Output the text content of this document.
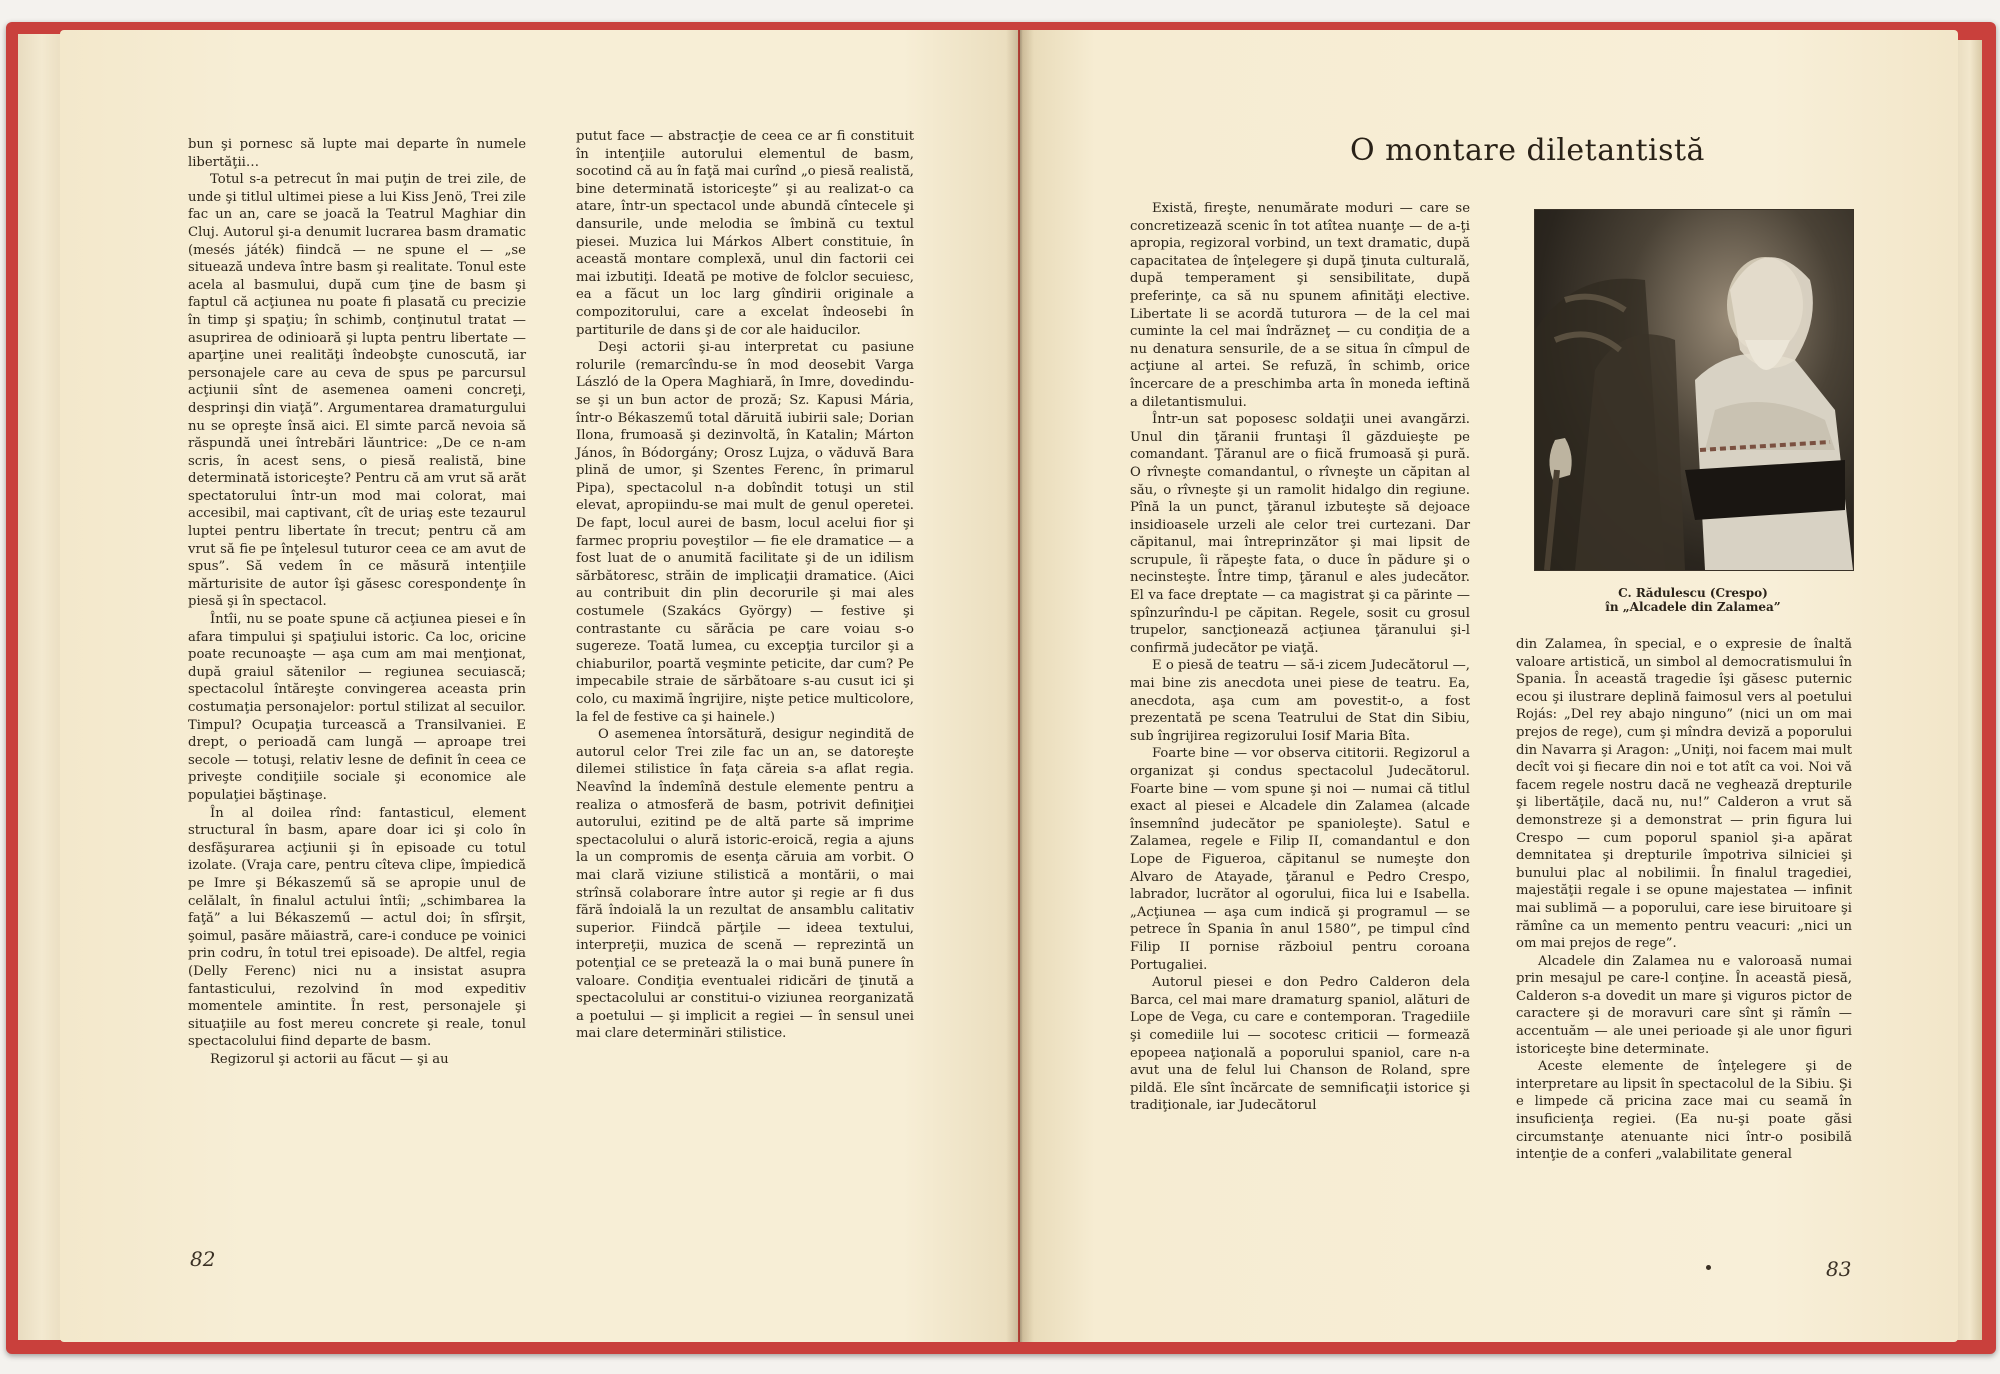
bun şi pornesc să lupte mai departe în numele libertăţii…

Totul s-a petrecut în mai puţin de trei zile, de unde şi titlul ultimei piese a lui Kiss Jenö, Trei zile fac un an, care se joacă la Teatrul Maghiar din Cluj. Autorul şi-a denumit lucrarea basm dramatic (mesés játék) fiindcă — ne spune el — „se situează undeva între basm şi realitate. Tonul este acela al basmului, după cum ţine de basm şi faptul că acţiunea nu poate fi plasată cu precizie în timp şi spaţiu; în schimb, conţinutul tratat — asuprirea de odinioară şi lupta pentru libertate — aparţine unei realităţi îndeobşte cunoscută, iar personajele care au ceva de spus pe parcursul acţiunii sînt de asemenea oameni concreţi, desprinşi din viaţă”. Argumentarea dramaturgului nu se opreşte însă aici. El simte parcă nevoia să răspundă unei întrebări lăuntrice: „De ce n-am scris, în acest sens, o piesă realistă, bine determinată istoriceşte? Pentru că am vrut să arăt spectatorului într-un mod mai colorat, mai accesibil, mai captivant, cît de uriaş este tezaurul luptei pentru libertate în trecut; pentru că am vrut să fie pe înţelesul tuturor ceea ce am avut de spus”. Să vedem în ce măsură intenţiile mărturisite de autor îşi găsesc corespondenţe în piesă şi în spectacol.

Întîi, nu se poate spune că acţiunea piesei e în afara timpului şi spaţiului istoric. Ca loc, oricine poate recunoaşte — aşa cum am mai menţionat, după graiul sătenilor — regiunea secuiască; spectacolul întăreşte convingerea aceasta prin costumaţia personajelor: portul stilizat al secuilor. Timpul? Ocupaţia turcească a Transilvaniei. E drept, o perioadă cam lungă — aproape trei secole — totuşi, relativ lesne de definit în ceea ce priveşte condiţiile sociale şi economice ale populaţiei băştinaşe.

În al doilea rînd: fantasticul, element structural în basm, apare doar ici şi colo în desfăşurarea acţiunii şi în episoade cu totul izolate. (Vraja care, pentru cîteva clipe, împiedică pe Imre şi Békaszemű să se apropie unul de celălalt, în finalul actului întîi; „schimbarea la faţă” a lui Békaszemű — actul doi; în sfîrşit, şoimul, pasăre măiastră, care-i conduce pe voinici prin codru, în totul trei episoade). De altfel, regia (Delly Ferenc) nici nu a insistat asupra fantasticului, rezolvind în mod expeditiv momentele amintite. În rest, personajele şi situaţiile au fost mereu concrete şi reale, tonul spectacolului fiind departe de basm.

Regizorul şi actorii au făcut — şi au

putut face — abstracţie de ceea ce ar fi constituit în intenţiile autorului elementul de basm, socotind că au în faţă mai curînd „o piesă realistă, bine determinată istoriceşte” şi au realizat-o ca atare, într-un spectacol unde abundă cîntecele şi dansurile, unde melodia se îmbină cu textul piesei. Muzica lui Márkos Albert constituie, în această montare complexă, unul din factorii cei mai izbutiţi. Ideată pe motive de folclor secuiesc, ea a făcut un loc larg gîndirii originale a compozitorului, care a excelat îndeosebi în partiturile de dans şi de cor ale haiducilor.

Deşi actorii şi-au interpretat cu pasiune rolurile (remarcîndu-se în mod deosebit Varga László de la Opera Maghiară, în Imre, dovedindu-se şi un bun actor de proză; Sz. Kapusi Mária, într-o Békaszemű total dăruită iubirii sale; Dorian Ilona, frumoasă şi dezinvoltă, în Katalin; Márton János, în Bódorgány; Orosz Lujza, o văduvă Bara plină de umor, şi Szentes Ferenc, în primarul Pipa), spectacolul n-a dobîndit totuşi un stil elevat, apropiindu-se mai mult de genul operetei. De fapt, locul aurei de basm, locul acelui fior şi farmec propriu poveştilor — fie ele dramatice — a fost luat de o anumită facilitate şi de un idilism sărbătoresc, străin de implicaţii dramatice. (Aici au contribuit din plin decorurile şi mai ales costumele (Szakács György) — festive şi contrastante cu sărăcia pe care voiau s-o sugereze. Toată lumea, cu excepţia turcilor şi a chiaburilor, poartă veşminte peticite, dar cum? Pe impecabile straie de sărbătoare s-au cusut ici şi colo, cu maximă îngrijire, nişte petice multicolore, la fel de festive ca şi hainele.)

O asemenea întorsătură, desigur negindită de autorul celor Trei zile fac un an, se datoreşte dilemei stilistice în faţa căreia s-a aflat regia. Neavînd la îndemînă destule elemente pentru a realiza o atmosferă de basm, potrivit definiţiei autorului, ezitind pe de altă parte să imprime spectacolului o alură istoric-eroică, regia a ajuns la un compromis de esenţa căruia am vorbit. O mai clară viziune stilistică a montării, o mai strînsă colaborare între autor şi regie ar fi dus fără îndoială la un rezultat de ansamblu calitativ superior. Fiindcă părţile — ideea textului, interpreţii, muzica de scenă — reprezintă un potenţial ce se pretează la o mai bună punere în valoare. Condiţia eventualei ridicări de ţinută a spectacolului ar constitui-o viziunea reorganizată a poetului — şi implicit a regiei — în sensul unei mai clare determinări stilistice.

82
O montare diletantistă

Există, fireşte, nenumărate moduri — care se concretizează scenic în tot atîtea nuanţe — de a-ţi apropia, regizoral vorbind, un text dramatic, după capacitatea de înţelegere şi după ţinuta culturală, după temperament şi sensibilitate, după preferinţe, ca să nu spunem afinităţi elective. Libertate li se acordă tuturora — de la cel mai cuminte la cel mai îndrăzneţ — cu condiţia de a nu denatura sensurile, de a se situa în cîmpul de acţiune al artei. Se refuză, în schimb, orice încercare de a preschimba arta în moneda ieftină a diletantismului.

Într-un sat poposesc soldaţii unei avangărzi. Unul din ţăranii fruntaşi îl găzduieşte pe comandant. Ţăranul are o fiică frumoasă şi pură. O rîvneşte comandantul, o rîvneşte un căpitan al său, o rîvneşte şi un ramolit hidalgo din regiune. Pînă la un punct, ţăranul izbuteşte să dejoace insidioasele urzeli ale celor trei curtezani. Dar căpitanul, mai întreprinzător şi mai lipsit de scrupule, îi răpeşte fata, o duce în pădure şi o necinsteşte. Între timp, ţăranul e ales judecător. El va face dreptate — ca magistrat şi ca părinte — spînzurîndu-l pe căpitan. Regele, sosit cu grosul trupelor, sancţionează acţiunea ţăranului şi-l confirmă judecător pe viaţă.

E o piesă de teatru — să-i zicem Judecătorul —, mai bine zis anecdota unei piese de teatru. Ea, anecdota, aşa cum am povestit-o, a fost prezentată pe scena Teatrului de Stat din Sibiu, sub îngrijirea regizorului Iosif Maria Bîta.

Foarte bine — vor observa cititorii. Regizorul a organizat şi condus spectacolul Judecătorul. Foarte bine — vom spune şi noi — numai că titlul exact al piesei e Alcadele din Zalamea (alcade însemnînd judecător pe spanioleşte). Satul e Zalamea, regele e Filip II, comandantul e don Lope de Figueroa, căpitanul se numeşte don Alvaro de Atayade, ţăranul e Pedro Crespo, labrador, lucrător al ogorului, fiica lui e Isabella. „Acţiunea — aşa cum indică şi programul — se petrece în Spania în anul 1580”, pe timpul cînd Filip II pornise războiul pentru coroana Portugaliei.

Autorul piesei e don Pedro Calderon dela Barca, cel mai mare dramaturg spaniol, alături de Lope de Vega, cu care e contemporan. Tragediile şi comediile lui — socotesc criticii — formează epopeea naţională a poporului spaniol, care n-a avut una de felul lui Chanson de Roland, spre pildă. Ele sînt încărcate de semnificaţii istorice şi tradiţionale, iar Judecătorul

C. Rădulescu (Crespo)
în „Alcadele din Zalamea”

din Zalamea, în special, e o expresie de înaltă valoare artistică, un simbol al democratismului în Spania. În această tragedie îşi găsesc puternic ecou şi ilustrare deplină faimosul vers al poetului Rojás: „Del rey abajo ninguno” (nici un om mai prejos de rege), cum şi mîndra deviză a poporului din Navarra şi Aragon: „Uniţi, noi facem mai mult decît voi şi fiecare din noi e tot atît ca voi. Noi vă facem regele nostru dacă ne veghează drepturile şi libertăţile, dacă nu, nu!” Calderon a vrut să demonstreze şi a demonstrat — prin figura lui Crespo — cum poporul spaniol şi-a apărat demnitatea şi drepturile împotriva silniciei şi bunului plac al nobilimii. În finalul tragediei, majestăţii regale i se opune majestatea — infinit mai sublimă — a poporului, care iese biruitoare şi rămîne ca un memento pentru veacuri: „nici un om mai prejos de rege”.

Alcadele din Zalamea nu e valoroasă numai prin mesajul pe care-l conţine. În această piesă, Calderon s-a dovedit un mare şi viguros pictor de caractere şi de moravuri care sînt şi rămîn — accentuăm — ale unei perioade şi ale unor figuri istoriceşte bine determinate.

Aceste elemente de înţelegere şi de interpretare au lipsit în spectacolul de la Sibiu. Şi e limpede că pricina zace mai cu seamă în insuficienţa regiei. (Ea nu-şi poate găsi circumstanţe atenuante nici într-o posibilă intenţie de a conferi „valabilitate general

83
